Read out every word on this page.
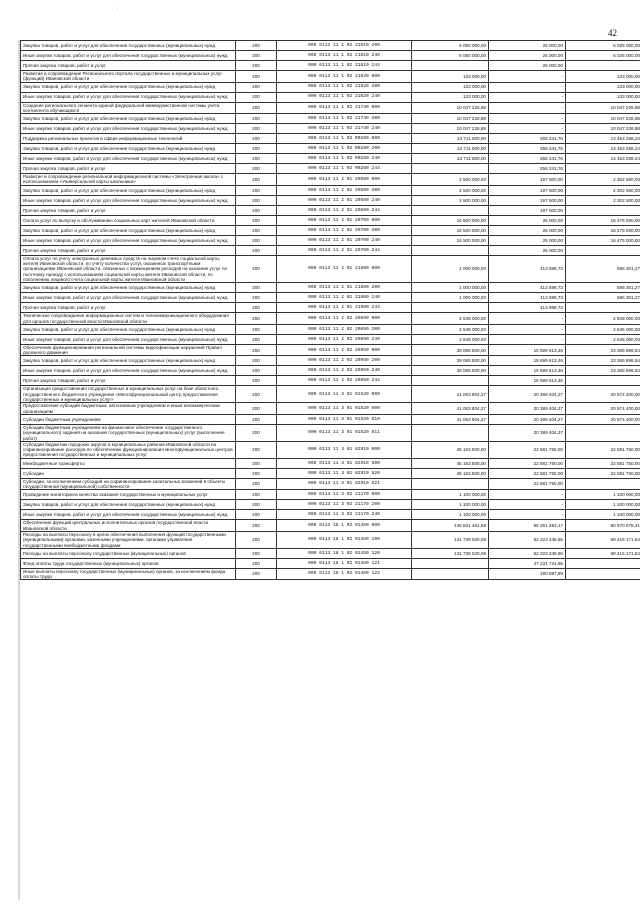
'
42
Закупка товаров, работ и услуг для обеспечения государственных (муниципальных) нужд	200	000 0113 11 1 02 21610 200	6 050 000,00	25 000,00	6 025 000,00
Иные закупки товаров, работ и услуг для обеспечения государственных (муниципальных) нужд	200	000 0113 11 1 02 21610 240	6 050 000,00	25 000,00	6 025 000,00
Прочая закупка товаров, работ и услуг	200	000 0113 11 1 02 21610 244		25 000,00	
Развитие и сопровождение Регионального портала государственных и муниципальных услуг (функций) Ивановской области	200	000 0113 11 1 02 21620 000	133 000,00	-	133 000,00
Закупка товаров, работ и услуг для обеспечения государственных (муниципальных) нужд	200	000 0113 11 1 02 21620 200	133 000,00	-	133 000,00
Иные закупки товаров, работ и услуг для обеспечения государственных (муниципальных) нужд	200	000 0113 11 1 02 21620 240	133 000,00	-	133 000,00
Создание регионального сегмента единой федеральной межведомственной системы учета контингента обучающихся	200	000 0113 11 1 02 21740 000	10 047 226,88	-	10 047 226,88
Закупка товаров, работ и услуг для обеспечения государственных (муниципальных) нужд	200	000 0113 11 1 02 21740 200	10 047 226,88	-	10 047 226,88
Иные закупки товаров, работ и услуг для обеспечения государственных (муниципальных) нужд	200	000 0113 11 1 02 21740 240	10 047 226,88	-	10 047 226,88
Поддержка региональных проектов в сфере информационных технологий	200	000 0113 11 1 02 R0280 000	13 711 500,00	258 241,76	13 453 258,24
Закупка товаров, работ и услуг для обеспечения государственных (муниципальных) нужд	200	000 0113 11 1 02 R0280 200	13 711 500,00	258 241,76	13 453 258,24
Иные закупки товаров, работ и услуг для обеспечения государственных (муниципальных) нужд	200	000 0113 11 1 02 R0280 240	13 711 500,00	258 241,76	13 453 258,24
Прочая закупка товаров, работ и услуг	200	000 0113 11 1 02 R0280 244		258 241,76	
Развитие и сопровождение региональной информационной системы «Электронная школа» с использованием «Универсальной карты школьника»	200	000 0113 11 2 01 20680 000	2 500 000,00	197 500,00	2 302 500,00
Закупка товаров, работ и услуг для обеспечения государственных (муниципальных) нужд	200	000 0113 11 2 01 20680 200	2 500 000,00	197 500,00	2 302 500,00
Иные закупки товаров, работ и услуг для обеспечения государственных (муниципальных) нужд	200	000 0113 11 2 01 20680 240	2 500 000,00	197 500,00	2 302 500,00
Прочая закупка товаров, работ и услуг	200	000 0113 11 2 01 20680 244		197 500,00	
Оплата услуг по выпуску и обслуживанию социальных карт жителей Ивановской области	200	000 0113 11 2 01 20700 000	16 500 000,00	25 000,00	16 475 000,00
Закупка товаров, работ и услуг для обеспечения государственных (муниципальных) нужд	200	000 0113 11 2 01 20700 200	16 500 000,00	25 000,00	16 475 000,00
Иные закупки товаров, работ и услуг для обеспечения государственных (муниципальных) нужд	200	000 0113 11 2 01 20700 240	16 500 000,00	25 000,00	16 475 000,00
Прочая закупка товаров, работ и услуг	200	000 0113 11 2 01 20700 244		25 000,00	
Оплата услуг по учету электронных денежных средств на лицевом счете социальной карты жителя Ивановской области, по учету количества услуг, оказанных транспортными организациями Ивановской области, связанных с возмещением расходов на оказание услуг по льготному проезду с использованием социальной карты жителя Ивановской области, по пополнению лицевого счета социальной карты жителя Ивановской области	200	000 0113 11 2 01 21800 000	1 000 000,00	413 698,73	586 301,27
Закупка товаров, работ и услуг для обеспечения государственных (муниципальных) нужд	200	000 0113 11 2 01 21800 200	1 000 000,00	413 698,73	586 301,27
Иные закупки товаров, работ и услуг для обеспечения государственных (муниципальных) нужд	200	000 0113 11 2 01 21800 240	1 000 000,00	413 698,73	586 301,27
Прочая закупка товаров, работ и услуг	200	000 0113 11 2 01 21800 244		413 698,73	
Техническое сопровождение информационных систем и телекоммуникационного оборудования для органов государственной власти Ивановской области	200	000 0113 11 2 02 20690 000	2 645 000,00	-	2 645 000,00
Закупка товаров, работ и услуг для обеспечения государственных (муниципальных) нужд	200	000 0113 11 2 02 20690 200	2 645 000,00	-	2 645 000,00
Иные закупки товаров, работ и услуг для обеспечения государственных (муниципальных) нужд	200	000 0113 11 2 02 20690 240	2 645 000,00	-	2 645 000,00
Обеспечение функционирования региональной системы видеофиксации нарушений Правил дорожного движения	200	000 0113 11 2 02 20950 000	39 065 500,00	15 699 613,46	23 365 886,54
Закупка товаров, работ и услуг для обеспечения государственных (муниципальных) нужд	200	000 0113 11 2 02 20950 200	39 065 500,00	15 699 613,46	23 365 886,54
Иные закупки товаров, работ и услуг для обеспечения государственных (муниципальных) нужд	200	000 0113 11 2 02 20950 240	39 065 500,00	15 699 613,46	23 365 886,54
Прочая закупка товаров, работ и услуг	200	000 0113 11 2 02 20950 244		15 699 613,46	
Организация предоставления государственных и муниципальных услуг на базе областного государственного бюджетного учреждения «Многофункциональный центр предоставления государственных и муниципальных услуг»	200	000 0113 11 3 01 01520 000	41 063 804,27	20 389 404,27	20 674 400,00
Предоставление субсидий бюджетным, автономным учреждениям и иным некоммерческим организациям	200	000 0113 11 3 01 01520 600	41 063 804,27	20 389 404,27	20 674 400,00
Субсидии бюджетным учреждениям	200	000 0113 11 3 01 01520 610	41 063 804,27	20 389 404,27	20 674 400,00
Субсидии бюджетным учреждениям на финансовое обеспечение государственного (муниципального) задания на оказание государственных (муниципальных) услуг (выполнение работ)	200	000 0113 11 3 01 01520 611		20 389 404,27	
Субсидии бюджетам городских округов и муниципальных районов Ивановской области на софинансирование расходов по обеспечению функционирования многофункциональных центров предоставления государственных и муниципальных услуг	200	000 0113 11 3 01 82910 000	45 163 500,00	22 581 750,00	22 581 750,00
Межбюджетные трансферты	200	000 0113 11 3 01 82910 500	45 163 500,00	22 581 750,00	22 581 750,00
Субсидии	200	000 0113 11 3 01 82910 520	45 163 500,00	22 581 750,00	22 581 750,00
Субсидии, за исключением субсидий на софинансирование капитальных вложений в объекты государственной (муниципальной) собственности	200	000 0113 11 3 01 82910 521		22 581 750,00	
Проведение мониторинга качества оказания государственных и муниципальных услуг	200	000 0113 11 3 02 21170 000	1 100 000,00	-	1 100 000,00
Закупка товаров, работ и услуг для обеспечения государственных (муниципальных) нужд	200	000 0113 11 3 02 21170 200	1 100 000,00	-	1 100 000,00
Иные закупки товаров, работ и услуг для обеспечения государственных (муниципальных) нужд	200	000 0113 11 3 02 21170 240	1 100 000,00	-	1 100 000,00
Обеспечение функций центральных исполнительных органов государственной власти Ивановской области	200	000 0113 18 1 02 01450 000	146 831 461,58	66 261 383,17	80 570 078,41
Расходы на выплаты персоналу в целях обеспечения выполнения функций государственными (муниципальными) органами, казенными учреждениями, органами управления государственными внебюджетными фондами	200	000 0113 18 1 02 01450 100	131 739 520,09	62 323 348,55	69 416 171,54
Расходы на выплаты персоналу государственных (муниципальных) органов	200	000 0113 18 1 02 01450 120	131 739 520,09	62 323 348,55	69 416 171,54
Фонд оплаты труда государственных (муниципальных) органов	200	000 0113 18 1 02 01450 121		47 231 724,66	
Иные выплаты персоналу государственных (муниципальных) органов, за исключением фонда оплаты труда	200	000 0113 18 1 02 01450 122		180 687,89	
